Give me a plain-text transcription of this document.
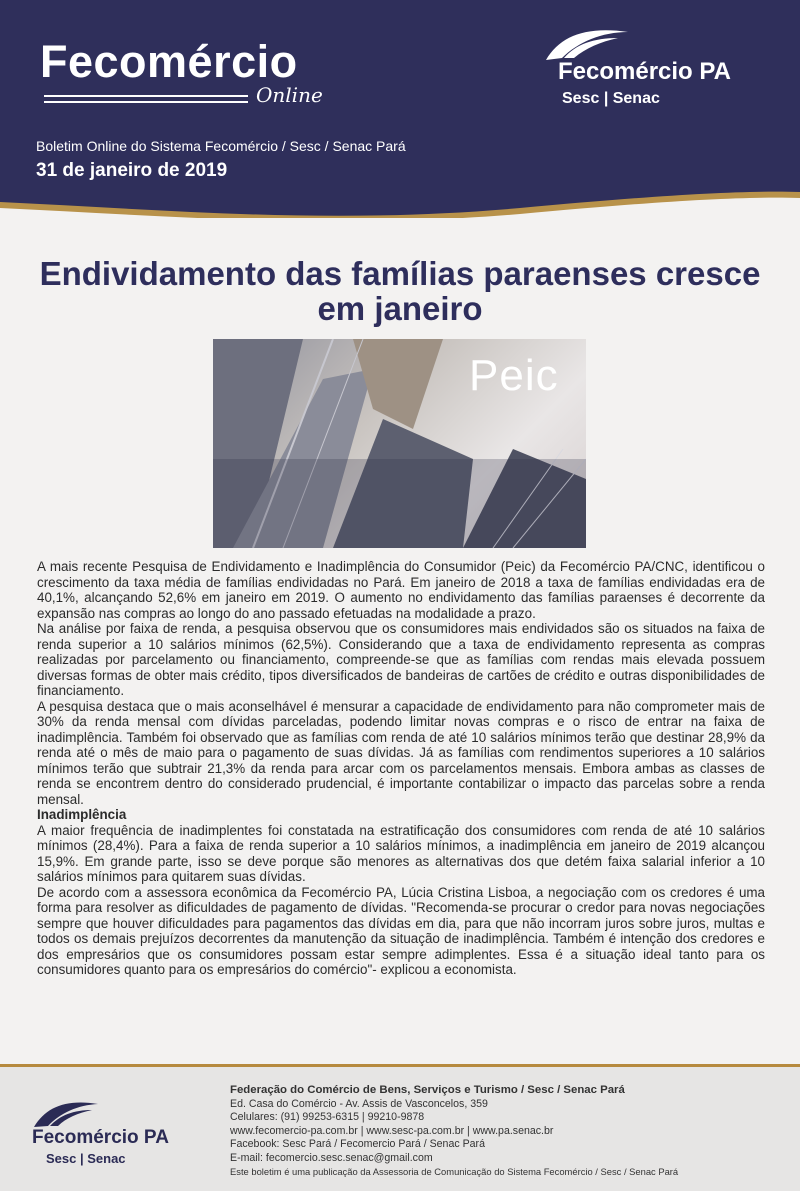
Fecomércio
Online
Fecomércio PA
Sesc | Senac
Boletim Online do Sistema Fecomércio / Sesc / Senac Pará
31 de janeiro de 2019
Endividamento das famílias paraenses cresce em janeiro
Peic

A mais recente Pesquisa de Endividamento e Inadimplência do Consumidor (Peic) da Fecomércio PA/CNC, identificou o crescimento da taxa média de famílias endividadas no Pará. Em janeiro de 2018 a taxa de famílias endividadas era de 40,1%, alcançando 52,6% em janeiro em 2019. O aumento no endividamento das famílias paraenses é decorrente da expansão nas compras ao longo do ano passado efetuadas na modalidade a prazo.

Na análise por faixa de renda, a pesquisa observou que os consumidores mais endividados são os situados na faixa de renda superior a 10 salários mínimos (62,5%). Considerando que a taxa de endividamento representa as compras realizadas por parcelamento ou financiamento, compreende-se que as famílias com rendas mais elevada possuem diversas formas de obter mais crédito, tipos diversificados de bandeiras de cartões de crédito e outras disponibilidades de financiamento.

A pesquisa destaca que o mais aconselhável é mensurar a capacidade de endividamento para não comprometer mais de 30% da renda mensal com dívidas parceladas, podendo limitar novas compras e o risco de entrar na faixa de inadimplência. Também foi observado que as famílias com renda de até 10 salários mínimos terão que destinar 28,9% da renda até o mês de maio para o pagamento de suas dívidas. Já as famílias com rendimentos superiores a 10 salários mínimos terão que subtrair 21,3% da renda para arcar com os parcelamentos mensais. Embora ambas as classes de renda se encontrem dentro do considerado prudencial, é importante contabilizar o impacto das parcelas sobre a renda mensal.

Inadimplência

A maior frequência de inadimplentes foi constatada na estratificação dos consumidores com renda de até 10 salários mínimos (28,4%). Para a faixa de renda superior a 10 salários mínimos, a inadimplência em janeiro de 2019 alcançou 15,9%. Em grande parte, isso se deve porque são menores as alternativas dos que detém faixa salarial inferior a 10 salários mínimos para quitarem suas dívidas.

De acordo com a assessora econômica da Fecomércio PA, Lúcia Cristina Lisboa, a negociação com os credores é uma forma para resolver as dificuldades de pagamento de dívidas. "Recomenda-se procurar o credor para novas negociações sempre que houver dificuldades para pagamentos das dívidas em dia, para que não incorram juros sobre juros, multas e todos os demais prejuízos decorrentes da manutenção da situação de inadimplência. Também é intenção dos credores e dos empresários que os consumidores possam estar sempre adimplentes. Essa é a situação ideal tanto para os consumidores quanto para os empresários do comércio"- explicou a economista.

Fecomércio PA
Sesc | Senac
Federação do Comércio de Bens, Serviços e Turismo / Sesc / Senac Pará
Ed. Casa do Comércio - Av. Assis de Vasconcelos, 359
Celulares: (91) 99253-6315 | 99210-9878
www.fecomercio-pa.com.br | www.sesc-pa.com.br | www.pa.senac.br
Facebook: Sesc Pará / Fecomercio Pará / Senac Pará
E-mail: fecomercio.sesc.senac@gmail.com
Este boletim é uma publicação da Assessoria de Comunicação do Sistema Fecomércio / Sesc / Senac Pará
